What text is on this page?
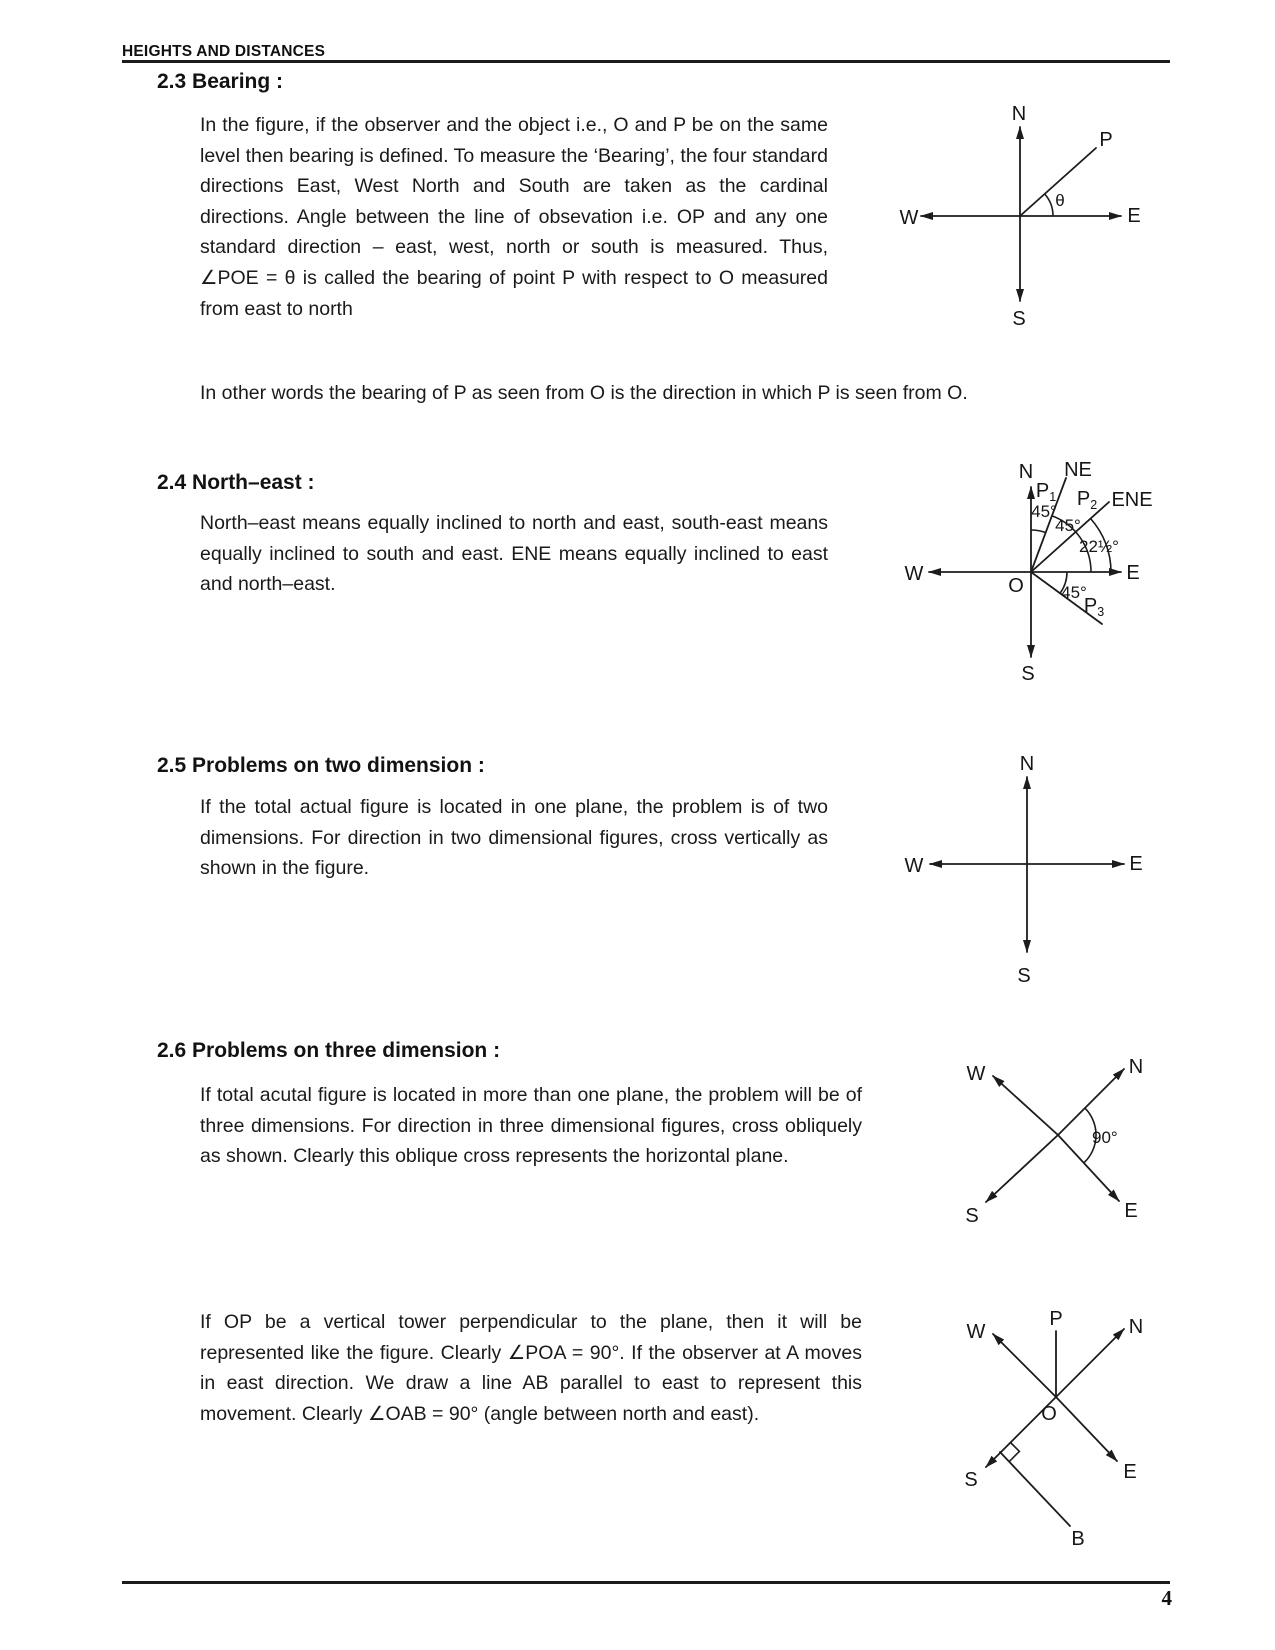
HEIGHTS AND DISTANCES
2.3 Bearing :

In the figure, if the observer and the object i.e., O and P be on the same level then bearing is defined. To measure the ‘Bearing’, the four standard directions East, West North and South are taken as the cardinal directions. Angle between the line of obsevation i.e. OP and any one standard direction – east, west, north or south is measured. Thus, ∠POE = θ is called the bearing of point P with respect to O measured from east to north

In other words the bearing of P as seen from O is the direction in which P is seen from O.

N
S
W	E
P
θ
2.4 North–east :

North–east means equally inclined to north and east, south-east means equally inclined to south and east. ENE means equally inclined to east and north–east.

N
S
W	E
O
NE
ENE
$P_1$ $P_2$
$P_3$
45°
45°
22½°
45°
2.5 Problems on two dimension :

If the total actual figure is located in one plane, the problem is of two dimensions. For direction in two dimensional figures, cross vertically as shown in the figure.

N
S
W	E
2.6 Problems on three dimension :

If total acutal figure is located in more than one plane, the problem will be of three dimensions. For direction in three dimensional figures, cross obliquely as shown. Clearly this oblique cross represents the horizontal plane.

W	N
S	E
90°

If OP be a vertical tower perpendicular to the plane, then it will be represented like the figure. Clearly ∠POA = 90°. If the observer at A moves in east direction. We draw a line AB parallel to east to represent this movement. Clearly ∠OAB = 90° (angle between north and east).

W	N
S	E
P
O
B
4
